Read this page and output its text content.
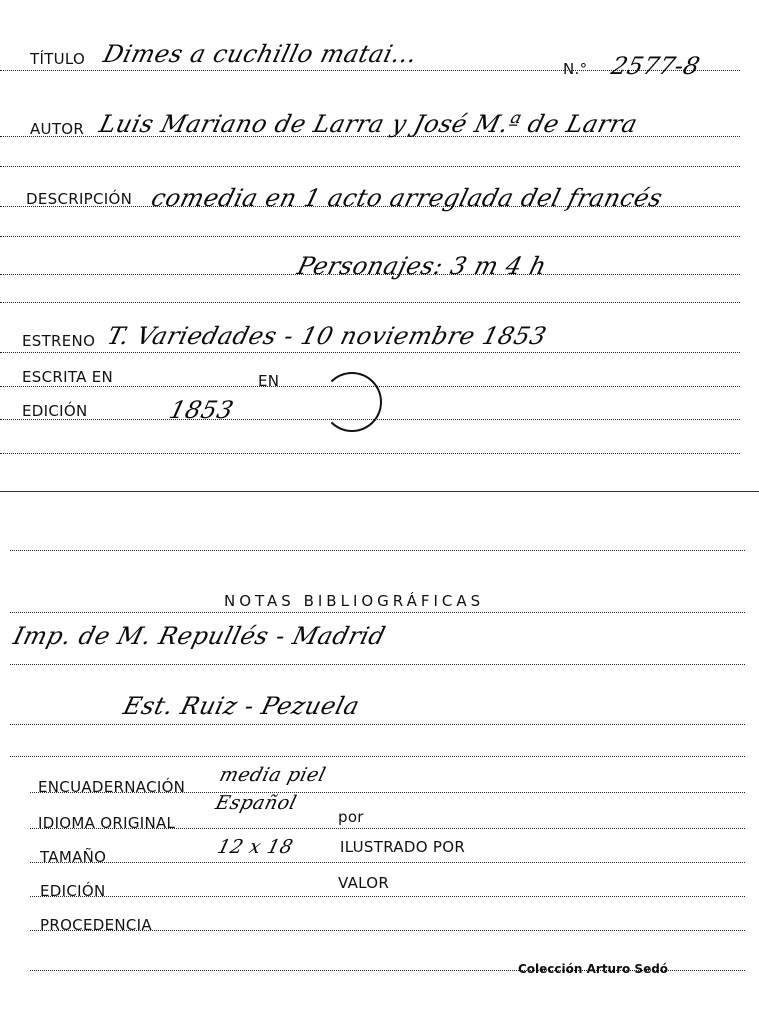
TÍTULO Dimes a cuchillo matai...
N.° 2577-8
AUTOR Luis Mariano de Larra y José M.ª de Larra
DESCRIPCIÓN comedia en 1 acto arreglada del francés
Personajes: 3 m 4 h
ESTRENO T. Variedades - 10 noviembre 1853
ESCRITA EN	EN
EDICIÓN	1853
NOTAS BIBLIOGRÁFICAS
Imp. de M. Repullés - Madrid
Est. Ruiz - Pezuela
ENCUADERNACIÓN
media piel
IDIOMA ORIGINAL
Español
por
TAMAÑO	12 x 18	ILUSTRADO POR
EDICIÓN	VALOR
PROCEDENCIA
Colección Arturo Sedó
